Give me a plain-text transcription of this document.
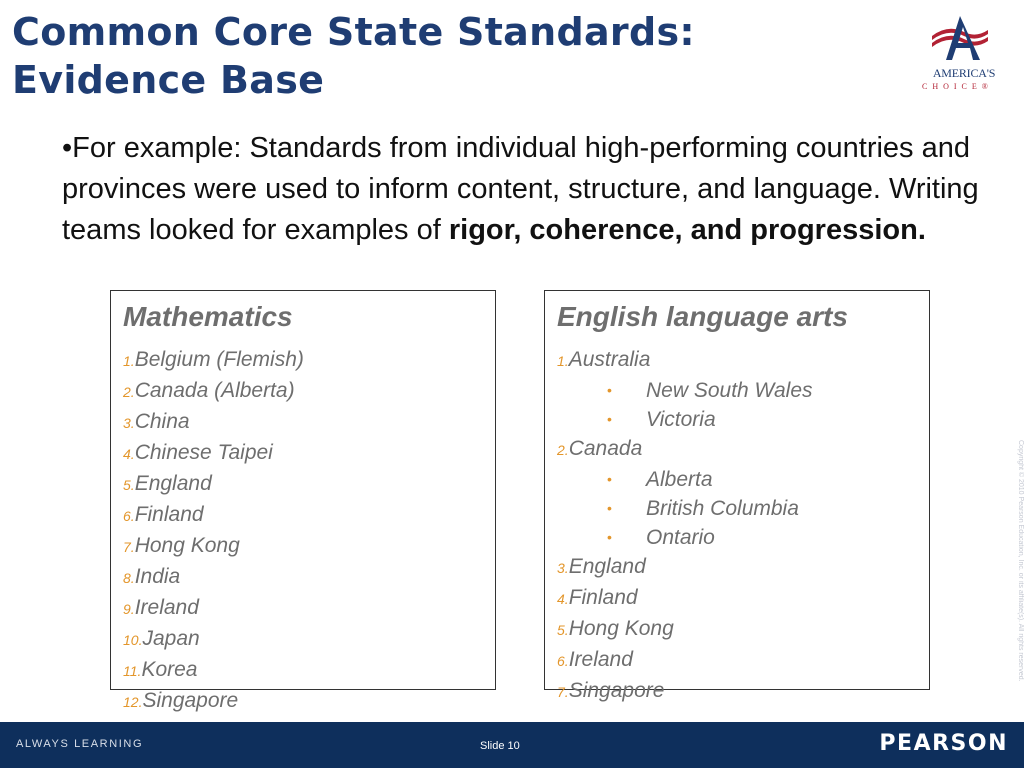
Common Core State Standards:
Evidence Base	AMERICA'S
CHOICE®

•For example: Standards from individual high-performing countries and provinces were used to inform content, structure, and language. Writing teams looked for examples of rigor, coherence, and progression.

Mathematics
1.Belgium (Flemish)
2.Canada (Alberta)
3.China
4.Chinese Taipei
5.England
6.Finland
7.Hong Kong
8.India
9.Ireland
10.Japan
11.Korea
12.Singapore
English language arts
1.Australia
• New South Wales
• Victoria
2.Canada
• Alberta
• British Columbia
• Ontario
3.England
4.Finland
5.Hong Kong
6.Ireland
7.Singapore
Copyright © 2010 Pearson Education, Inc. or its affiliate(s). All rights reserved.
ALWAYS LEARNING	Slide 10	PEARSON
